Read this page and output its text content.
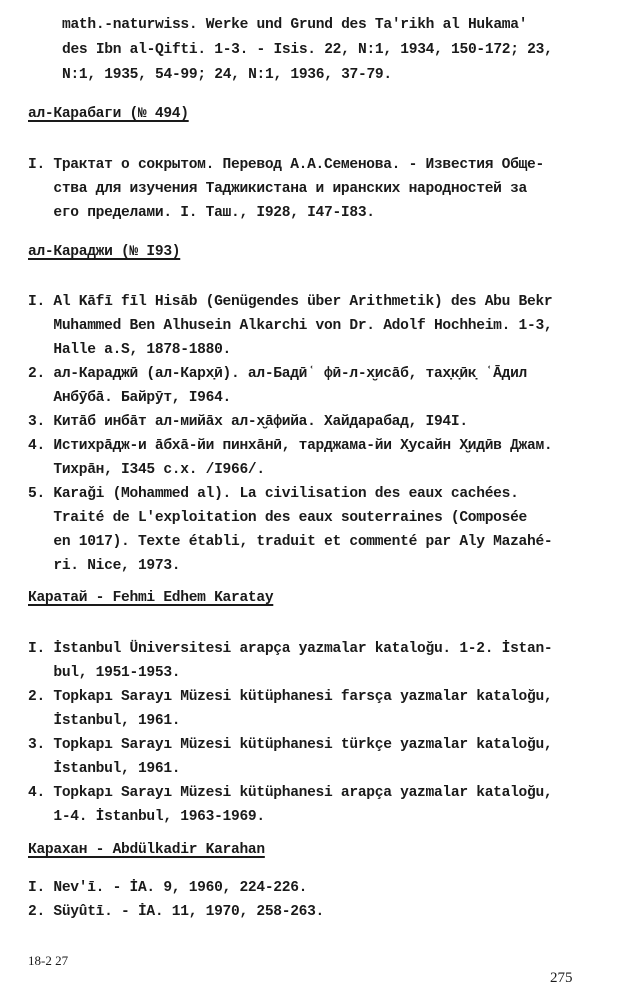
math.-naturwiss. Werke und Grund des Ta'rikh al Hukama'
des Ibn al-Qifti. 1-3. - Isis. 22, N:1, 1934, 150-172; 23,
N:1, 1935, 54-99; 24, N:1, 1936, 37-79.
ал-Карабаги (№ 494)
I. Трактат о сокрытом. Перевод А.А.Семенова. - Известия Обще-
ства для изучения Таджикистана и иранских народностей за
его пределами. I. Таш., I928, I47-I83.
ал-Караджи (№ I93)
I. Al Kāfī fīl Hisāb (Genügendes über Arithmetik) des Abu Bekr
Muhammed Ben Alhusein Alkarchi von Dr. Adolf Hochheim. 1-3,
Halle a.S, 1878-1880.
2. ал-Караджӣ (ал-Карх̣ӣ). ал-Бадӣʿ фӣ-л-х̮исāб, тах̣к̣ӣк̣ ʿĀдил
Анбӯбā. Байрӯт, I964.
3. Китāб инбāт ал-мийāх ал-х̮āфийа. Хайдарабад, I94I.
4. Истихрāдж-и āбхā-йи пинхāнӣ, тарджама-йи Х̣усайн Х̮идӣв Джам.
Тихрāн, I345 с.х. /I966/.
5. Karaǧi (Mohammed al). La civilisation des eaux cachées.
Traité de L'exploitation des eaux souterraines (Composée
en 1017). Texte établi, traduit et commenté par Aly Mazahé-
ri. Nice, 1973.
Каратай - Fehmi Edhem Karatay
I. İstanbul Üniversitesi arapça yazmalar kataloğu. 1-2. İstan-
bul, 1951-1953.
2. Topkapı Sarayı Müzesi kütüphanesi farsça yazmalar kataloğu,
İstanbul, 1961.
3. Topkapı Sarayı Müzesi kütüphanesi türkçe yazmalar kataloğu,
İstanbul, 1961.
4. Topkapı Sarayı Müzesi kütüphanesi arapça yazmalar kataloğu,
1-4. İstanbul, 1963-1969.
Карахан - Abdülkadir Karahan
I. Nev'ī. - İA. 9, 1960, 224-226.
2. Süyûtī. - İA. 11, 1970, 258-263.
18-2 27
275
